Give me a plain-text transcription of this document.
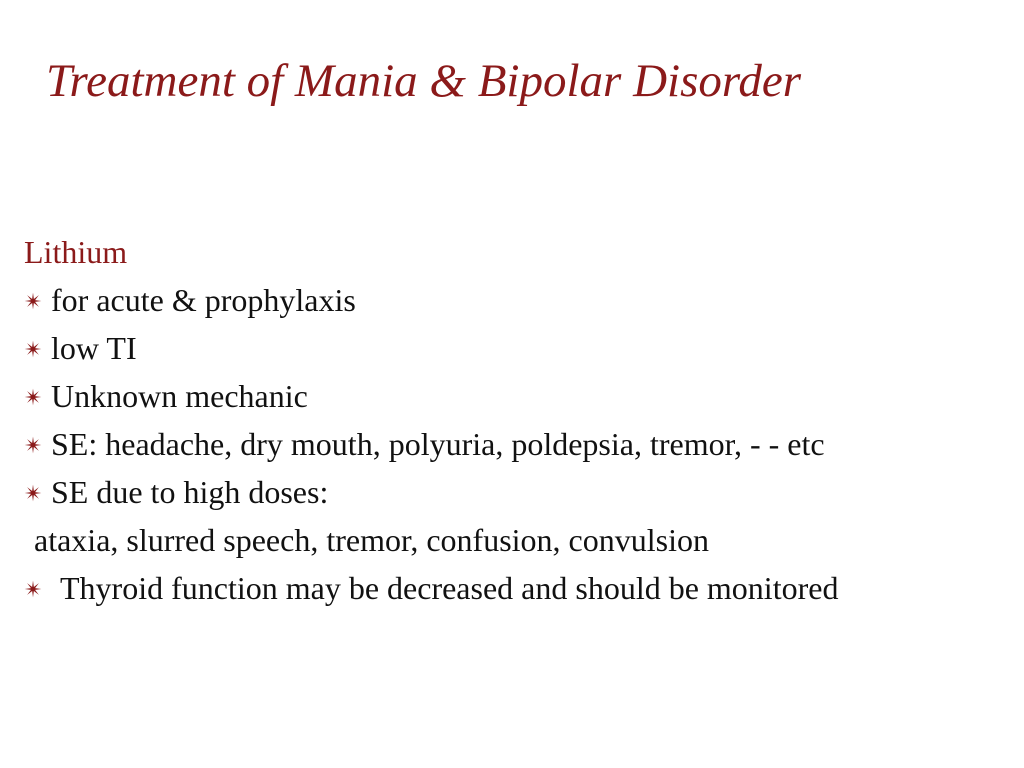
Treatment of Mania & Bipolar Disorder
Lithium
✴ for acute & prophylaxis
✴ low TI
✴ Unknown mechanic
✴ SE: headache, dry mouth, polyuria, poldepsia, tremor, - - etc
✴ SE due to high doses:
ataxia, slurred speech, tremor, confusion, convulsion
✴ Thyroid function may be decreased and should be monitored
